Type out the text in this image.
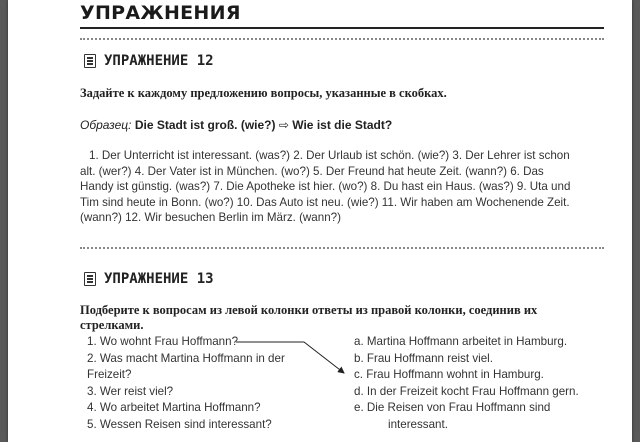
УПРАЖНЕНИЯ
УПРАЖНЕНИЕ 12
Задайте к каждому предложению вопросы, указанные в скобках.
Образец: Die Stadt ist groß. (wie?) ⇨ Wie ist die Stadt?
1. Der Unterricht ist interessant. (was?) 2. Der Urlaub ist schön. (wie?) 3. Der Lehrer ist schon alt. (wer?) 4. Der Vater ist in München. (wo?) 5. Der Freund hat heute Zeit. (wann?) 6. Das Handy ist günstig. (was?) 7. Die Apotheke ist hier. (wo?) 8. Du hast ein Haus. (was?) 9. Uta und Tim sind heute in Bonn. (wo?) 10. Das Auto ist neu. (wie?) 11. Wir haben am Wochenende Zeit. (wann?) 12. Wir besuchen Berlin im März. (wann?)
УПРАЖНЕНИЕ 13
Подберите к вопросам из левой колонки ответы из правой колонки, соединив их стрелками.
1. Wo wohnt Frau Hoffmann?
2. Was macht Martina Hoffmann in der Freizeit?
3. Wer reist viel?
4. Wo arbeitet Martina Hoffmann?
5. Wessen Reisen sind interessant?
a. Martina Hoffmann arbeitet in Hamburg.
b. Frau Hoffmann reist viel.
c. Frau Hoffmann wohnt in Hamburg.
d. In der Freizeit kocht Frau Hoffmann gern.
e. Die Reisen von Frau Hoffmann sind
interessant.
